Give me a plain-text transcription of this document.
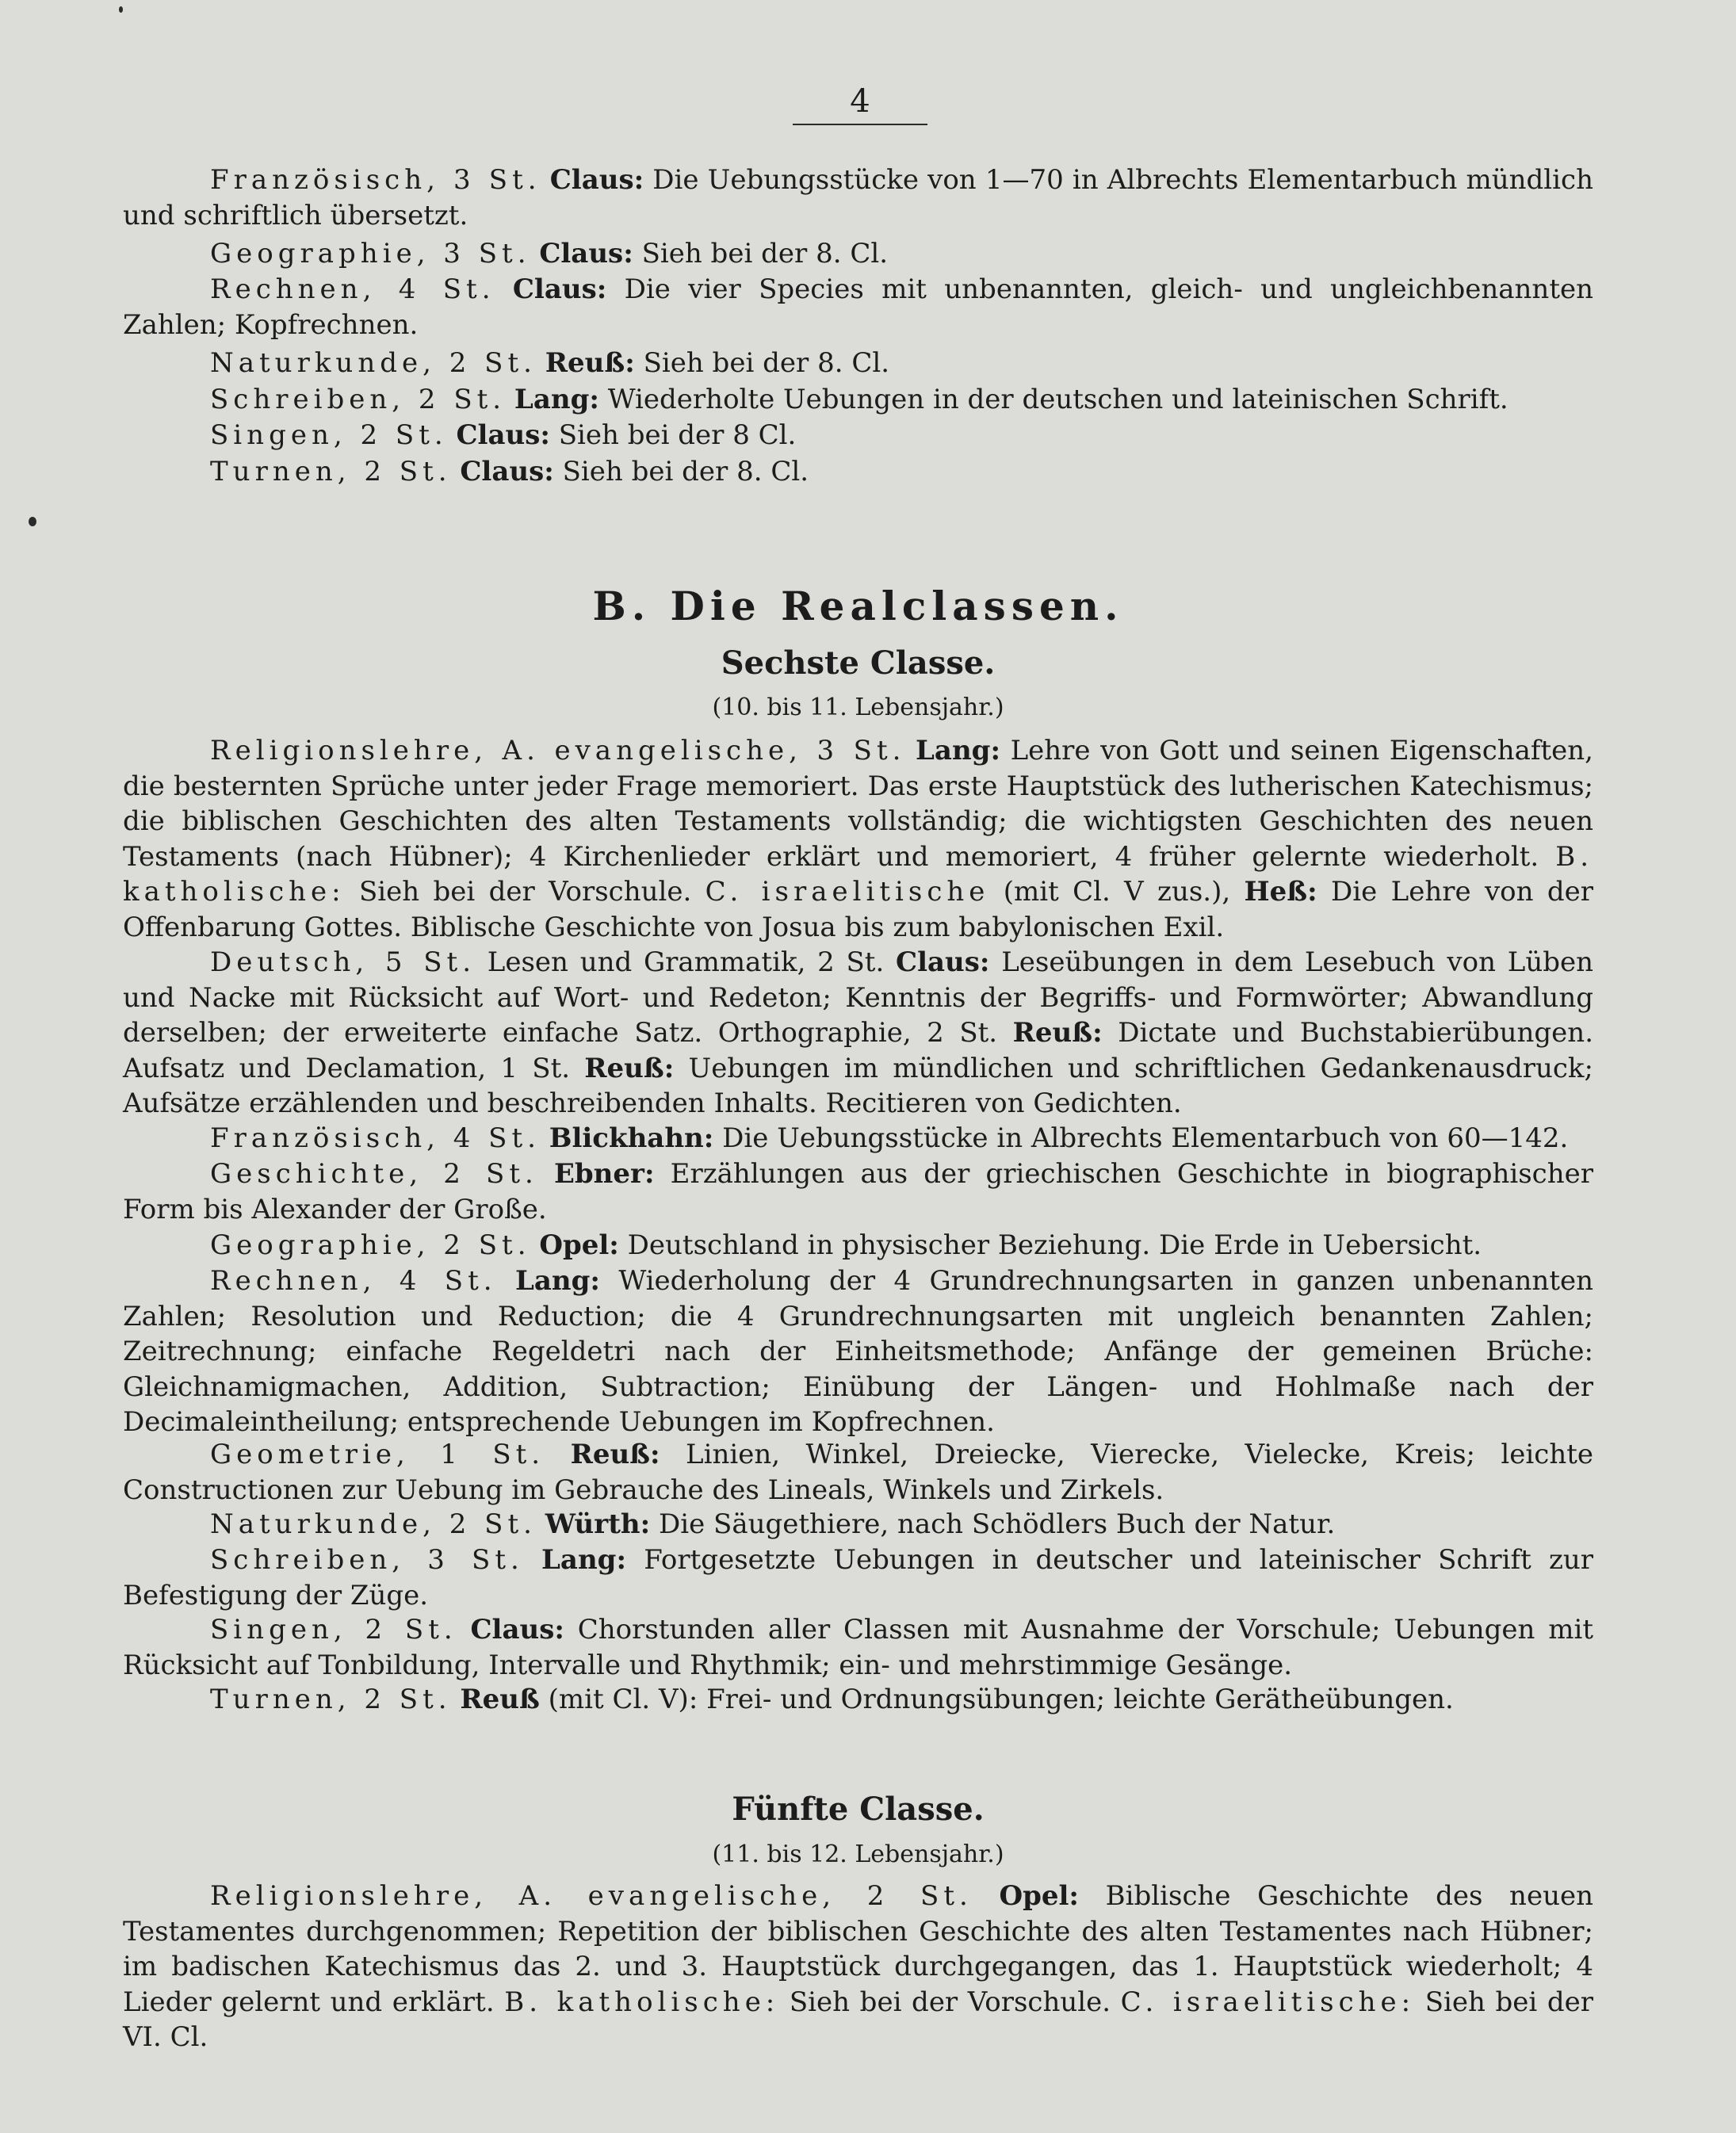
4

Französisch, 3 St. Claus: Die Uebungsstücke von 1—70 in Albrechts Elementarbuch mündlich und schriftlich übersetzt.

Geographie, 3 St. Claus: Sieh bei der 8. Cl.

Rechnen, 4 St. Claus: Die vier Species mit unbenannten, gleich- und ungleichbenannten Zahlen; Kopfrechnen.

Naturkunde, 2 St. Reuß: Sieh bei der 8. Cl.

Schreiben, 2 St. Lang: Wiederholte Uebungen in der deutschen und lateinischen Schrift.

Singen, 2 St. Claus: Sieh bei der 8 Cl.

Turnen, 2 St. Claus: Sieh bei der 8. Cl.

B. Die Realclassen.
Sechste Classe.

(10. bis 11. Lebensjahr.)

Religionslehre, A. evangelische, 3 St. Lang: Lehre von Gott und seinen Eigenschaften, die besternten Sprüche unter jeder Frage memoriert. Das erste Hauptstück des lutherischen Katechismus; die biblischen Geschichten des alten Testaments vollständig; die wichtigsten Geschichten des neuen Testaments (nach Hübner); 4 Kirchenlieder erklärt und memoriert, 4 früher gelernte wiederholt. B. katholische: Sieh bei der Vorschule. C. israelitische (mit Cl. V zus.), Heß: Die Lehre von der Offenbarung Gottes. Biblische Geschichte von Josua bis zum babylonischen Exil.

Deutsch, 5 St. Lesen und Grammatik, 2 St. Claus: Leseübungen in dem Lesebuch von Lüben und Nacke mit Rücksicht auf Wort- und Redeton; Kenntnis der Begriffs- und Formwörter; Abwandlung derselben; der erweiterte einfache Satz. Orthographie, 2 St. Reuß: Dictate und Buchstabierübungen. Aufsatz und Declamation, 1 St. Reuß: Uebungen im mündlichen und schriftlichen Gedankenausdruck; Aufsätze erzählenden und beschreibenden Inhalts. Recitieren von Gedichten.

Französisch, 4 St. Blickhahn: Die Uebungsstücke in Albrechts Elementarbuch von 60—142.

Geschichte, 2 St. Ebner: Erzählungen aus der griechischen Geschichte in biographischer Form bis Alexander der Große.

Geographie, 2 St. Opel: Deutschland in physischer Beziehung. Die Erde in Uebersicht.

Rechnen, 4 St. Lang: Wiederholung der 4 Grundrechnungsarten in ganzen unbenannten Zahlen; Resolution und Reduction; die 4 Grundrechnungsarten mit ungleich benannten Zahlen; Zeitrechnung; einfache Regeldetri nach der Einheitsmethode; Anfänge der gemeinen Brüche: Gleichnamigmachen, Addition, Subtraction; Einübung der Längen- und Hohlmaße nach der Decimaleintheilung; entsprechende Uebungen im Kopfrechnen.

Geometrie, 1 St. Reuß: Linien, Winkel, Dreiecke, Vierecke, Vielecke, Kreis; leichte Constructionen zur Uebung im Gebrauche des Lineals, Winkels und Zirkels.

Naturkunde, 2 St. Würth: Die Säugethiere, nach Schödlers Buch der Natur.

Schreiben, 3 St. Lang: Fortgesetzte Uebungen in deutscher und lateinischer Schrift zur Befestigung der Züge.

Singen, 2 St. Claus: Chorstunden aller Classen mit Ausnahme der Vorschule; Uebungen mit Rücksicht auf Tonbildung, Intervalle und Rhythmik; ein- und mehrstimmige Gesänge.

Turnen, 2 St. Reuß (mit Cl. V): Frei- und Ordnungsübungen; leichte Gerätheübungen.

Fünfte Classe.

(11. bis 12. Lebensjahr.)

Religionslehre, A. evangelische, 2 St. Opel: Biblische Geschichte des neuen Testamentes durchgenommen; Repetition der biblischen Geschichte des alten Testamentes nach Hübner; im badischen Katechismus das 2. und 3. Hauptstück durchgegangen, das 1. Hauptstück wiederholt; 4 Lieder gelernt und erklärt. B. katholische: Sieh bei der Vorschule. C. israelitische: Sieh bei der VI. Cl.
